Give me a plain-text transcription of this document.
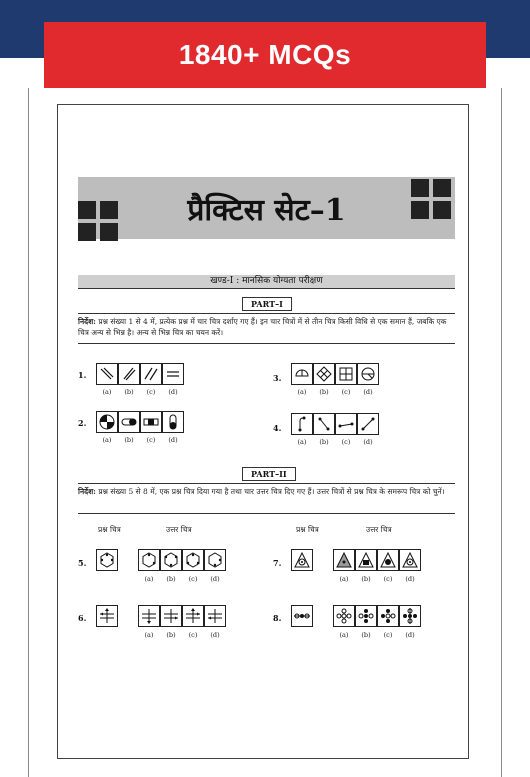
1840+ MCQs
प्रैक्टिस सेट–1
खण्ड-I : मानसिक योग्यता परीक्षण
PART–I
निर्देश: प्रश्न संख्या 1 से 4 में, प्रत्येक प्रश्न में चार चित्र दर्शाए गए हैं। इन चार चित्रों में से तीन चित्र किसी विधि से एक समान हैं, जबकि एक चित्र अन्य से भिन्न है। अन्य से भिन्न चित्र का चयन करें।
1.
(a)	(b)	(c)	(d)
3.
(a)	(b)	(c)	(d)
2.
(a)	(b)	(c)	(d)
4.
(a)	(b)	(c)	(d)
PART–II
निर्देश: प्रश्न संख्या 5 से 8 में, एक प्रश्न चित्र दिया गया है तथा चार उत्तर चित्र दिए गए हैं। उत्तर चित्रों से प्रश्न चित्र के समरूप चित्र को चुनें।
प्रश्न चित्र	उत्तर चित्र	प्रश्न चित्र	उत्तर चित्र
5.
(a)	(b)	(c)	(d)
7.
(a)	(b)	(c)	(d)
6.
(a)	(b)	(c)	(d)
8.
(a)	(b)	(c)	(d)
